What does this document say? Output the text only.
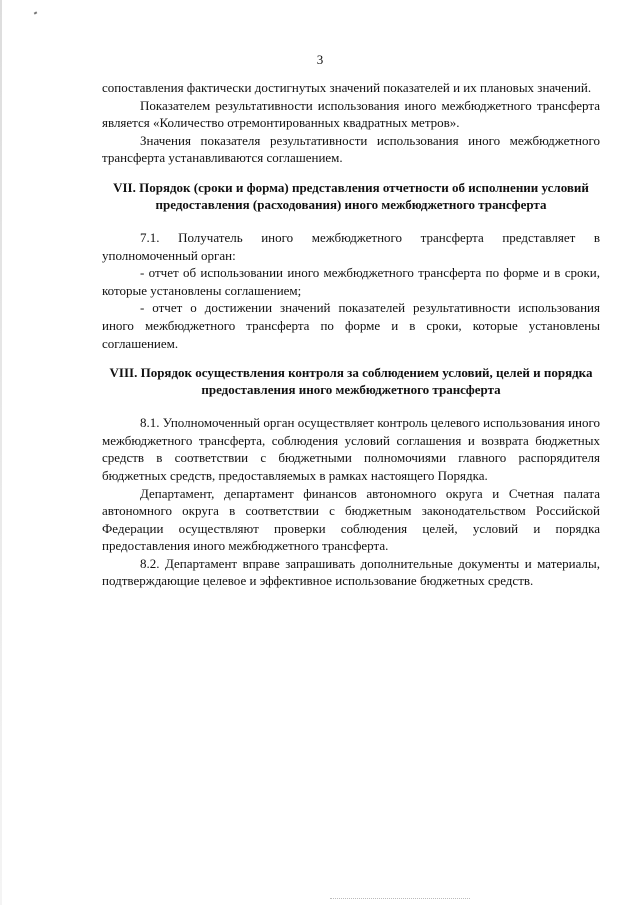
3

сопоставления фактически достигнутых значений показателей и их плановых значений.

Показателем результативности использования иного межбюджетного трансферта является «Количество отремонтированных квадратных метров».

Значения показателя результативности использования иного межбюджетного трансферта устанавливаются соглашением.

VII. Порядок (сроки и форма) представления отчетности об исполнении условий предоставления (расходования) иного межбюджетного трансферта

7.1. Получатель иного межбюджетного трансферта представляет в уполномоченный орган:

- отчет об использовании иного межбюджетного трансферта по форме и в сроки, которые установлены соглашением;

- отчет о достижении значений показателей результативности использования иного межбюджетного трансферта по форме и в сроки, которые установлены соглашением.

VIII. Порядок осуществления контроля за соблюдением условий, целей и порядка предоставления иного межбюджетного трансферта

8.1. Уполномоченный орган осуществляет контроль целевого использования иного межбюджетного трансферта, соблюдения условий соглашения и возврата бюджетных средств в соответствии с бюджетными полномочиями главного распорядителя бюджетных средств, предоставляемых в рамках настоящего Порядка.

Департамент, департамент финансов автономного округа и Счетная палата автономного округа в соответствии с бюджетным законодательством Российской Федерации осуществляют проверки соблюдения целей, условий и порядка предоставления иного межбюджетного трансферта.

8.2. Департамент вправе запрашивать дополнительные документы и материалы, подтверждающие целевое и эффективное использование бюджетных средств.
